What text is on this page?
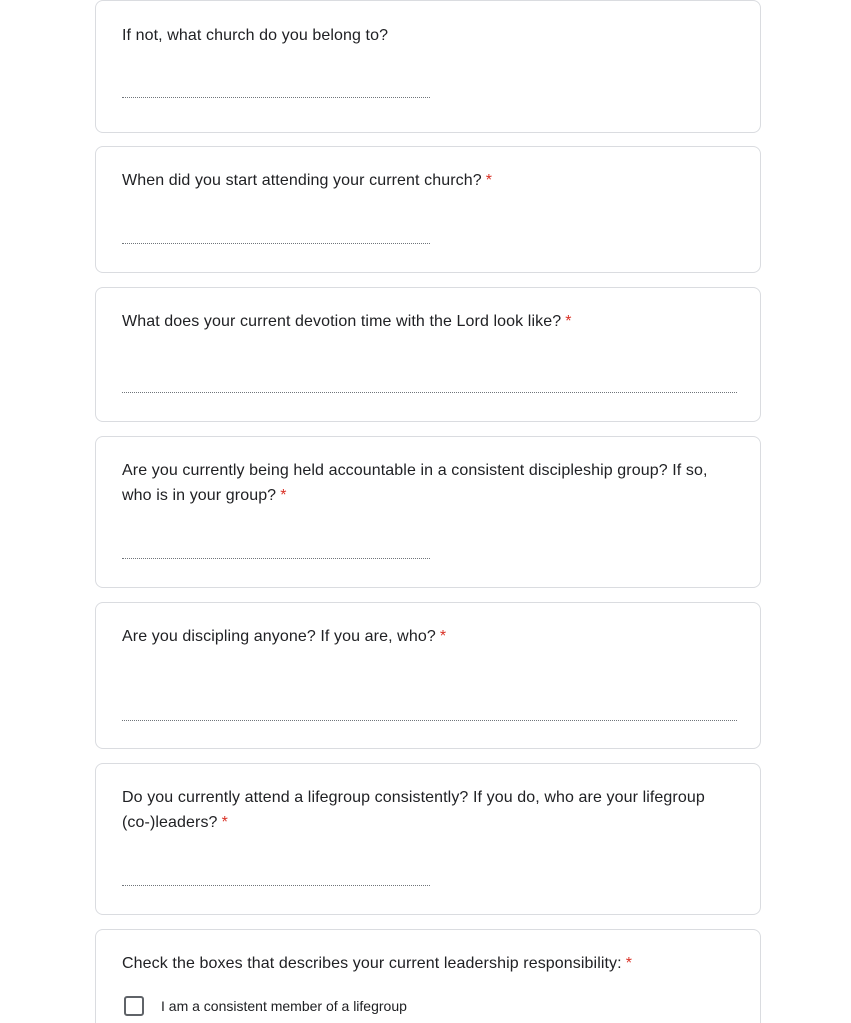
If not, what church do you belong to?
When did you start attending your current church? *
What does your current devotion time with the Lord look like? *
Are you currently being held accountable in a consistent discipleship group? If so, who is in your group? *
Are you discipling anyone? If you are, who? *
Do you currently attend a lifegroup consistently? If you do, who are your lifegroup (co-)leaders? *
Check the boxes that describes your current leadership responsibility: *
I am a consistent member of a lifegroup
